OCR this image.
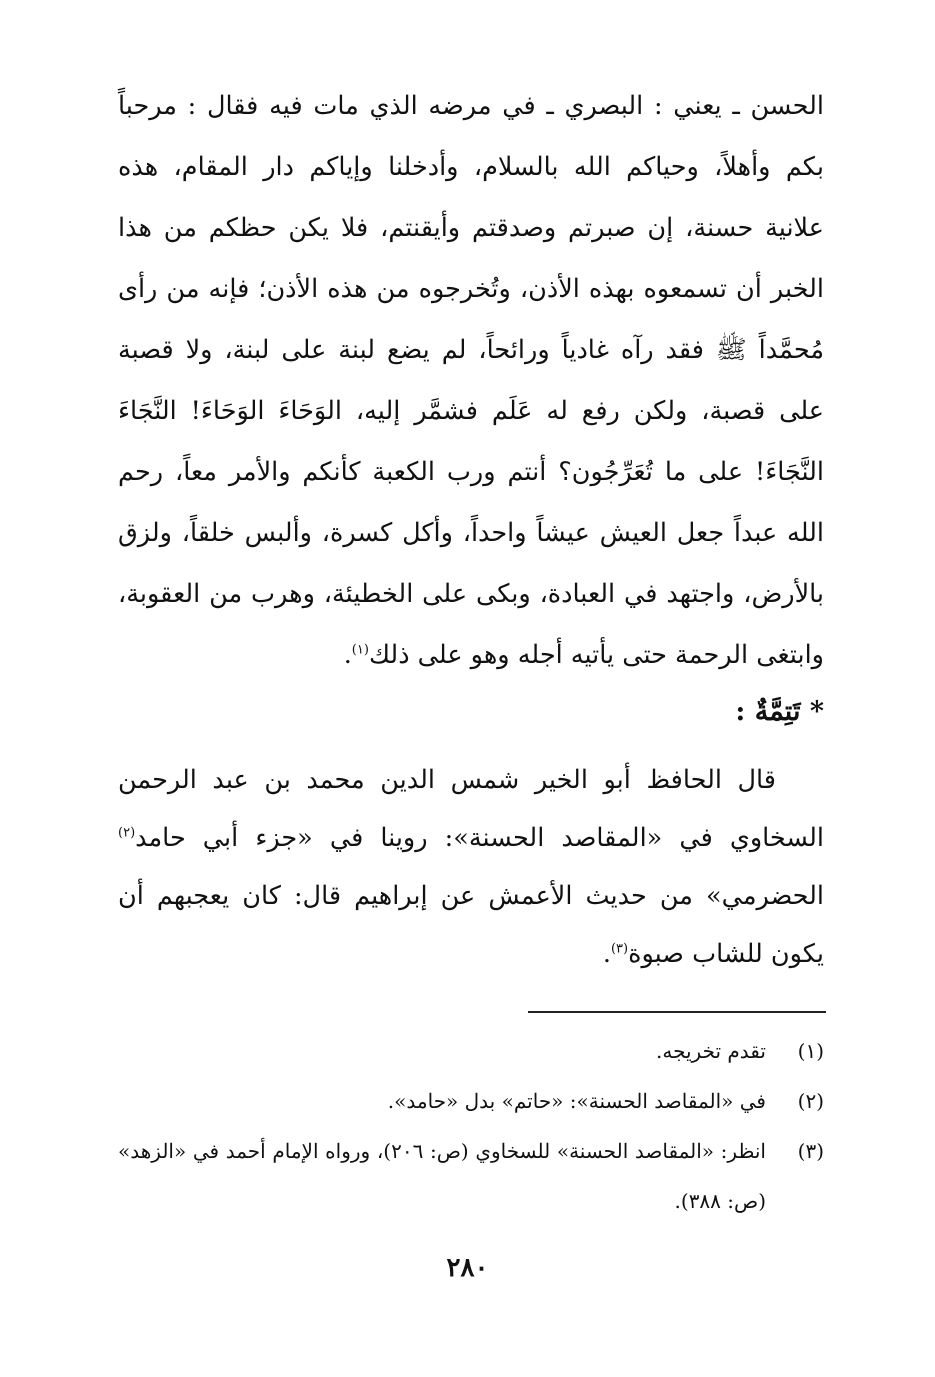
الحسن ـ يعني : البصري ـ في مرضه الذي مات فيه فقال : مرحباً بكم وأهلاً، وحياكم الله بالسلام، وأدخلنا وإياكم دار المقام، هذه علانية حسنة، إن صبرتم وصدقتم وأيقنتم، فلا يكن حظكم من هذا الخبر أن تسمعوه بهذه الأذن، وتُخرجوه من هذه الأذن؛ فإنه من رأى مُحمَّداً ﷺ فقد رآه غادياً ورائحاً، لم يضع لبنة على لبنة، ولا قصبة على قصبة، ولكن رفع له عَلَم فشمَّر إليه، الوَحَاءَ الوَحَاءَ! النَّجَاءَ النَّجَاءَ! على ما تُعَرِّجُون؟ أنتم ورب الكعبة كأنكم والأمر معاً، رحم الله عبداً جعل العيش عيشاً واحداً، وأكل كسرة، وألبس خلقاً، ولزق بالأرض، واجتهد في العبادة، وبكى على الخطيئة، وهرب من العقوبة، وابتغى الرحمة حتى يأتيه أجله وهو على ذلك$^{(١)}$.

* تَتِمَّةٌ :

قال الحافظ أبو الخير شمس الدين محمد بن عبد الرحمن السخاوي في «المقاصد الحسنة»: روينا في «جزء أبي حامد$^{(٢)}$ الحضرمي» من حديث الأعمش عن إبراهيم قال: كان يعجبهم أن يكون للشاب صبوة$^{(٣)}$.

(١)
تقدم تخريجه.
(٢)
في «المقاصد الحسنة»: «حاتم» بدل «حامد».
(٣)
انظر: «المقاصد الحسنة» للسخاوي (ص: ٢٠٦)، ورواه الإمام أحمد في «الزهد» (ص: ٣٨٨).
٢٨٠
